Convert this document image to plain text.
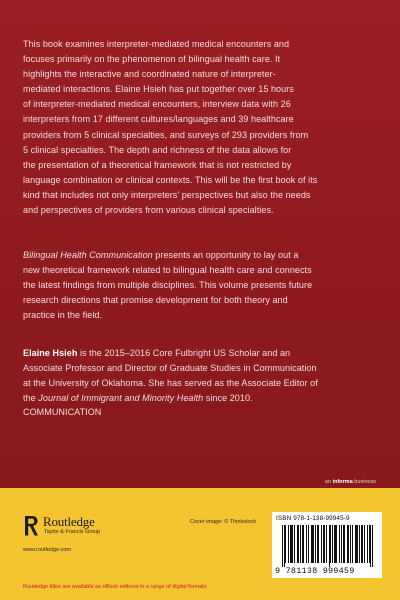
This book examines interpreter-mediated medical encounters and
focuses primarily on the phenomenon of bilingual health care. It
highlights the interactive and coordinated nature of interpreter-
mediated interactions. Elaine Hsieh has put together over 15 hours
of interpreter-mediated medical encounters, interview data with 26
interpreters from 17 different cultures/languages and 39 healthcare
providers from 5 clinical specialties, and surveys of 293 providers from
5 clinical specialties. The depth and richness of the data allows for
the presentation of a theoretical framework that is not restricted by
language combination or clinical contexts. This will be the first book of its
kind that includes not only interpreters' perspectives but also the needs
and perspectives of providers from various clinical specialties.
Bilingual Health Communication presents an opportunity to lay out a
new theoretical framework related to bilingual health care and connects
the latest findings from multiple disciplines. This volume presents future
research directions that promise development for both theory and
practice in the field.
Elaine Hsieh is the 2015–2016 Core Fulbright US Scholar and an
Associate Professor and Director of Graduate Studies in Communication
at the University of Oklahoma. She has served as the Associate Editor of
the Journal of Immigrant and Minority Health since 2010.
COMMUNICATION
an informa business
Routledge
Taylor & Francis Group
www.routledge.com
Cover image: © Thinkstock	ISBN 978-1-138-99945-9
9 781138 999459
Routledge titles are available as eBook editions in a range of digital formats
